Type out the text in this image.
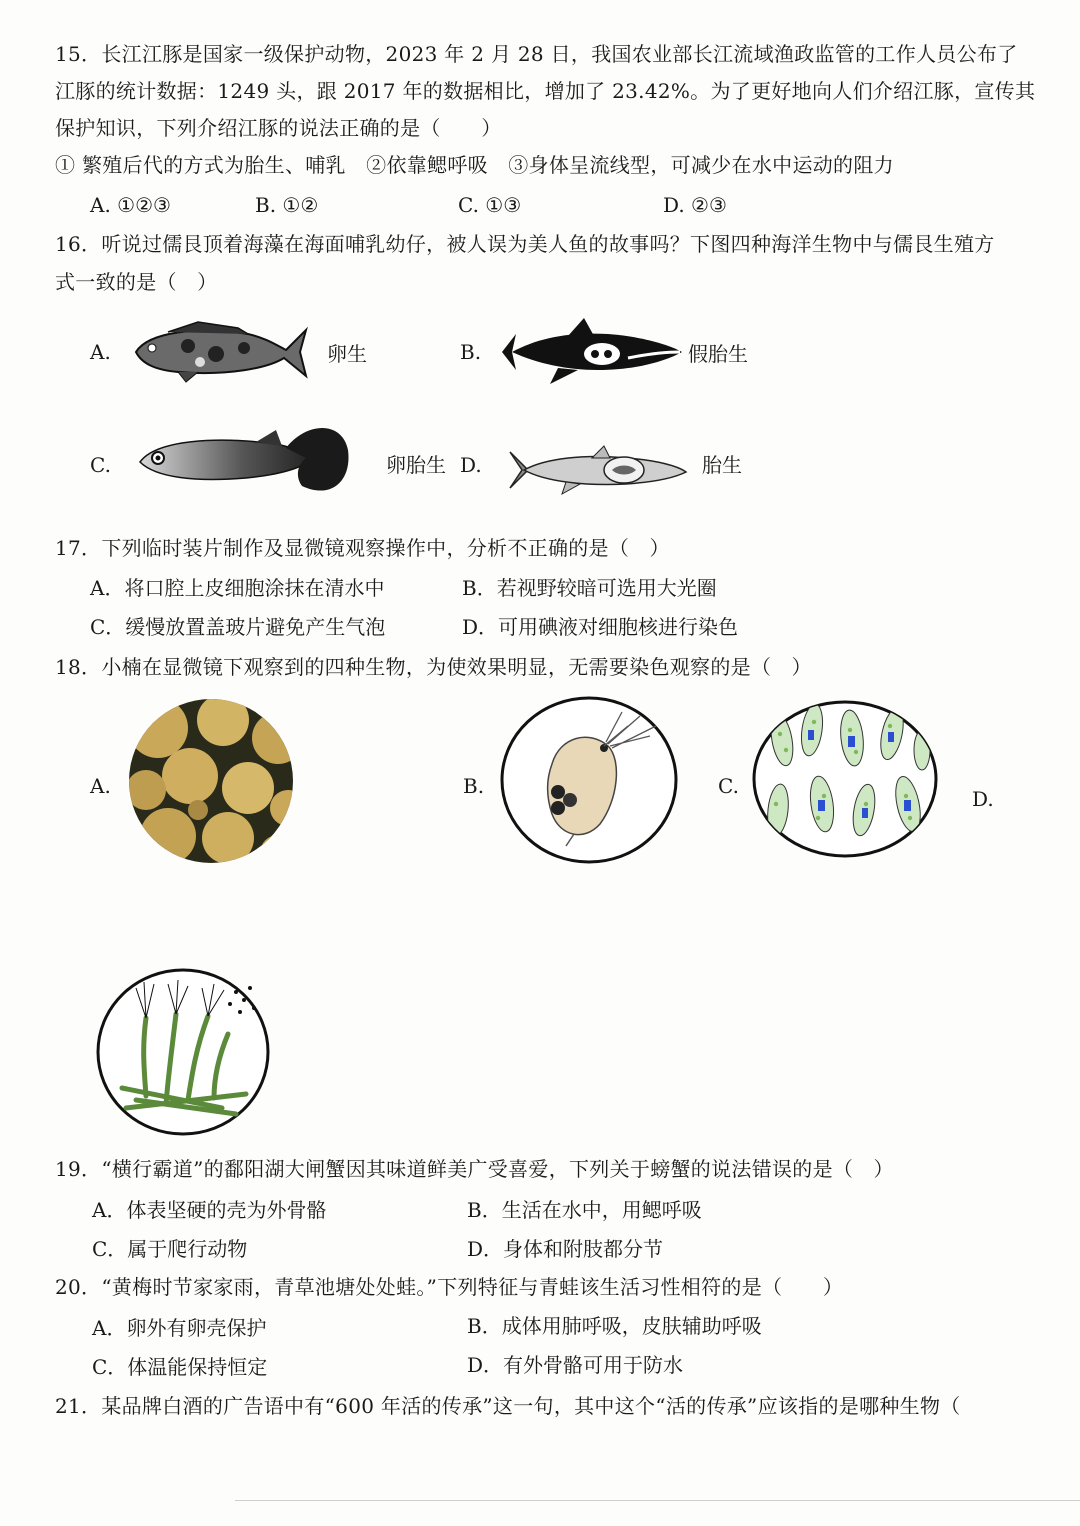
15．长江江豚是国家一级保护动物，2023 年 2 月 28 日，我国农业部长江流域渔政监管的工作人员公布了
江豚的统计数据：1249 头，跟 2017 年的数据相比，增加了 23.42%。为了更好地向人们介绍江豚，宣传其
保护知识，下列介绍江豚的说法正确的是（　　）
① 繁殖后代的方式为胎生、哺乳　②依靠鳃呼吸　③身体呈流线型，可减少在水中运动的阻力
A. ①②③	B. ①②	C. ①③	D. ②③
16．听说过儒艮顶着海藻在海面哺乳幼仔，被人误为美人鱼的故事吗？下图四种海洋生物中与儒艮生殖方
式一致的是（　）
A.	卵生	B.	假胎生
C.	卵胎生 D.	胎生
17．下列临时装片制作及显微镜观察操作中，分析不正确的是（　）
A．将口腔上皮细胞涂抹在清水中	B．若视野较暗可选用大光圈
C．缓慢放置盖玻片避免产生气泡	D．可用碘液对细胞核进行染色
18．小楠在显微镜下观察到的四种生物，为使效果明显，无需要染色观察的是（　）
A.	B.	C.
D.
19．“横行霸道”的鄱阳湖大闸蟹因其味道鲜美广受喜爱，下列关于螃蟹的说法错误的是（　）
A．体表坚硬的壳为外骨骼	B．生活在水中，用鳃呼吸
C．属于爬行动物	D．身体和附肢都分节
20．“黄梅时节家家雨，青草池塘处处蛙。”下列特征与青蛙该生活习性相符的是（　　）
A．卵外有卵壳保护	B．成体用肺呼吸，皮肤辅助呼吸
C．体温能保持恒定	D．有外骨骼可用于防水
21．某品牌白酒的广告语中有“600 年活的传承”这一句，其中这个“活的传承”应该指的是哪种生物（
